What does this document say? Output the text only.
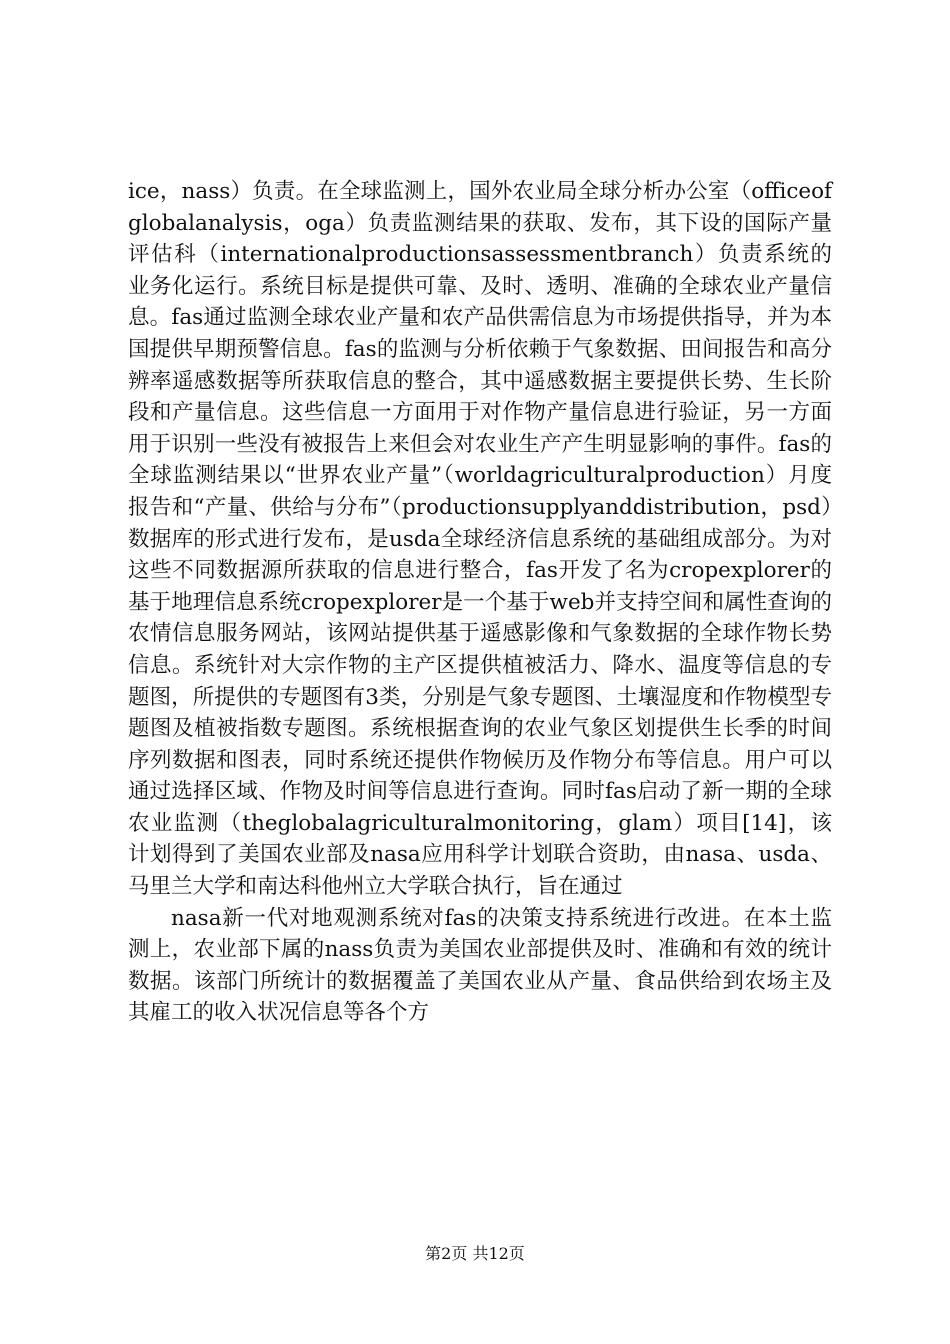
ice，nass）负责。在全球监测上，国外农业局全球分析办公室（officeofglobalanalysis，oga）负责监测结果的获取、发布，其下设的国际产量评估科（internationalproductionsassessmentbranch）负责系统的业务化运行。系统目标是提供可靠、及时、透明、准确的全球农业产量信息。fas通过监测全球农业产量和农产品供需信息为市场提供指导，并为本国提供早期预警信息。fas的监测与分析依赖于气象数据、田间报告和高分辨率遥感数据等所获取信息的整合，其中遥感数据主要提供长势、生长阶段和产量信息。这些信息一方面用于对作物产量信息进行验证，另一方面用于识别一些没有被报告上来但会对农业生产产生明显影响的事件。fas的全球监测结果以“世界农业产量”（worldagriculturalproduction）月度报告和“产量、供给与分布”（productionsupplyanddistribution，psd）数据库的形式进行发布，是usda全球经济信息系统的基础组成部分。为对这些不同数据源所获取的信息进行整合，fas开发了名为cropexplorer的基于地理信息系统cropexplorer是一个基于web并支持空间和属性查询的农情信息服务网站，该网站提供基于遥感影像和气象数据的全球作物长势信息。系统针对大宗作物的主产区提供植被活力、降水、温度等信息的专题图，所提供的专题图有3类，分别是气象专题图、土壤湿度和作物模型专题图及植被指数专题图。系统根据查询的农业气象区划提供生长季的时间序列数据和图表，同时系统还提供作物候历及作物分布等信息。用户可以通过选择区域、作物及时间等信息进行查询。同时fas启动了新一期的全球农业监测（theglobalagriculturalmonitoring，glam）项目[14]，该计划得到了美国农业部及nasa应用科学计划联合资助，由nasa、usda、马里兰大学和南达科他州立大学联合执行，旨在通过

nasa新一代对地观测系统对fas的决策支持系统进行改进。在本土监测上，农业部下属的nass负责为美国农业部提供及时、准确和有效的统计数据。该部门所统计的数据覆盖了美国农业从产量、食品供给到农场主及其雇工的收入状况信息等各个方

第2页 共12页
